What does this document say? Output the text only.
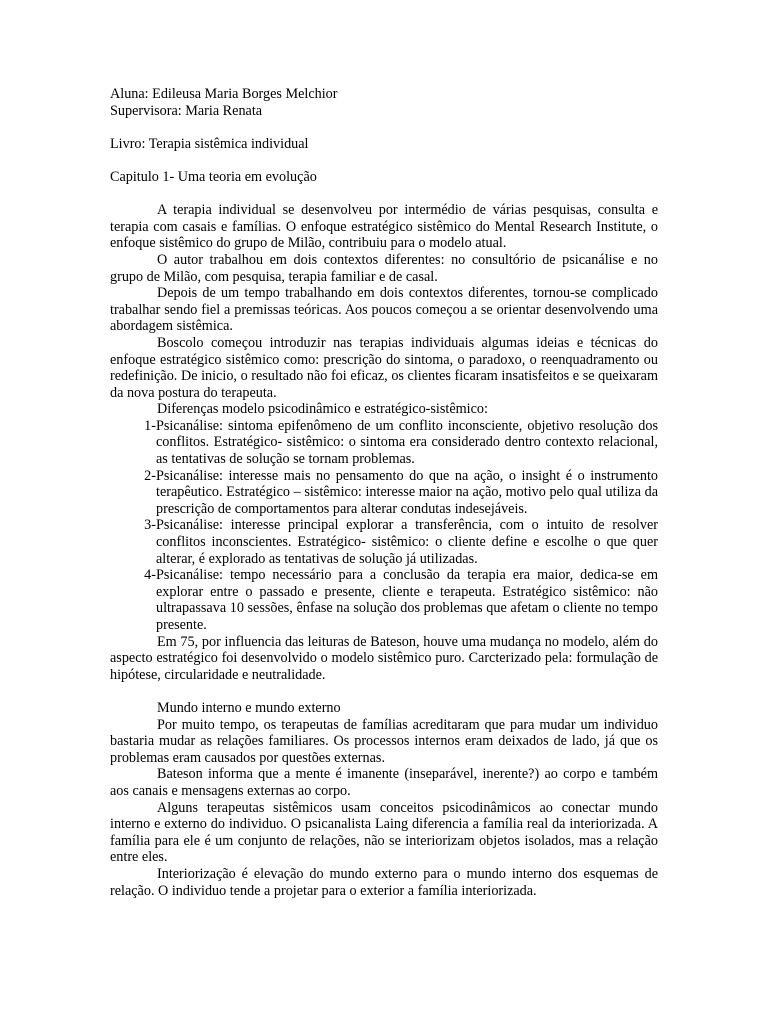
Aluna: Edileusa Maria Borges Melchior

Supervisora: Maria Renata

Livro: Terapia sistêmica individual

Capitulo 1- Uma teoria em evolução

A terapia individual se desenvolveu por intermédio de várias pesquisas, consulta e terapia com casais e famílias. O enfoque estratégico sistêmico do Mental Research Institute, o enfoque sistêmico do grupo de Milão, contribuiu para o modelo atual.

O autor trabalhou em dois contextos diferentes: no consultório de psicanálise e no grupo de Milão, com pesquisa, terapia familiar e de casal.

Depois de um tempo trabalhando em dois contextos diferentes, tornou-se complicado trabalhar sendo fiel a premissas teóricas. Aos poucos começou a se orientar desenvolvendo uma abordagem sistêmica.

Boscolo começou introduzir nas terapias individuais algumas ideias e técnicas do enfoque estratégico sistêmico como: prescrição do sintoma, o paradoxo, o reenquadramento ou redefinição. De inicio, o resultado não foi eficaz, os clientes ficaram insatisfeitos e se queixaram da nova postura do terapeuta.

Diferenças modelo psicodinâmico e estratégico-sistêmico:

1- Psicanálise: sintoma epifenômeno de um conflito inconsciente, objetivo resolução dos conflitos. Estratégico- sistêmico: o sintoma era considerado dentro contexto relacional, as tentativas de solução se tornam problemas.
2- Psicanálise: interesse mais no pensamento do que na ação, o insight é o instrumento terapêutico. Estratégico – sistêmico: interesse maior na ação, motivo pelo qual utiliza da prescrição de comportamentos para alterar condutas indesejáveis.
3- Psicanálise: interesse principal explorar a transferência, com o intuito de resolver conflitos inconscientes. Estratégico- sistêmico: o cliente define e escolhe o que quer alterar, é explorado as tentativas de solução já utilizadas.
4- Psicanálise: tempo necessário para a conclusão da terapia era maior, dedica-se em explorar entre o passado e presente, cliente e terapeuta. Estratégico sistêmico: não ultrapassava 10 sessões, ênfase na solução dos problemas que afetam o cliente no tempo presente.

Em 75, por influencia das leituras de Bateson, houve uma mudança no modelo, além do aspecto estratégico foi desenvolvido o modelo sistêmico puro. Carcterizado pela: formulação de hipótese, circularidade e neutralidade.

Mundo interno e mundo externo

Por muito tempo, os terapeutas de famílias acreditaram que para mudar um individuo bastaria mudar as relações familiares. Os processos internos eram deixados de lado, já que os problemas eram causados por questões externas.

Bateson informa que a mente é imanente (inseparável, inerente?) ao corpo e também aos canais e mensagens externas ao corpo.

Alguns terapeutas sistêmicos usam conceitos psicodinâmicos ao conectar mundo interno e externo do individuo. O psicanalista Laing diferencia a família real da interiorizada. A família para ele é um conjunto de relações, não se interiorizam objetos isolados, mas a relação entre eles.

Interiorização é elevação do mundo externo para o mundo interno dos esquemas de relação. O individuo tende a projetar para o exterior a família interiorizada.
